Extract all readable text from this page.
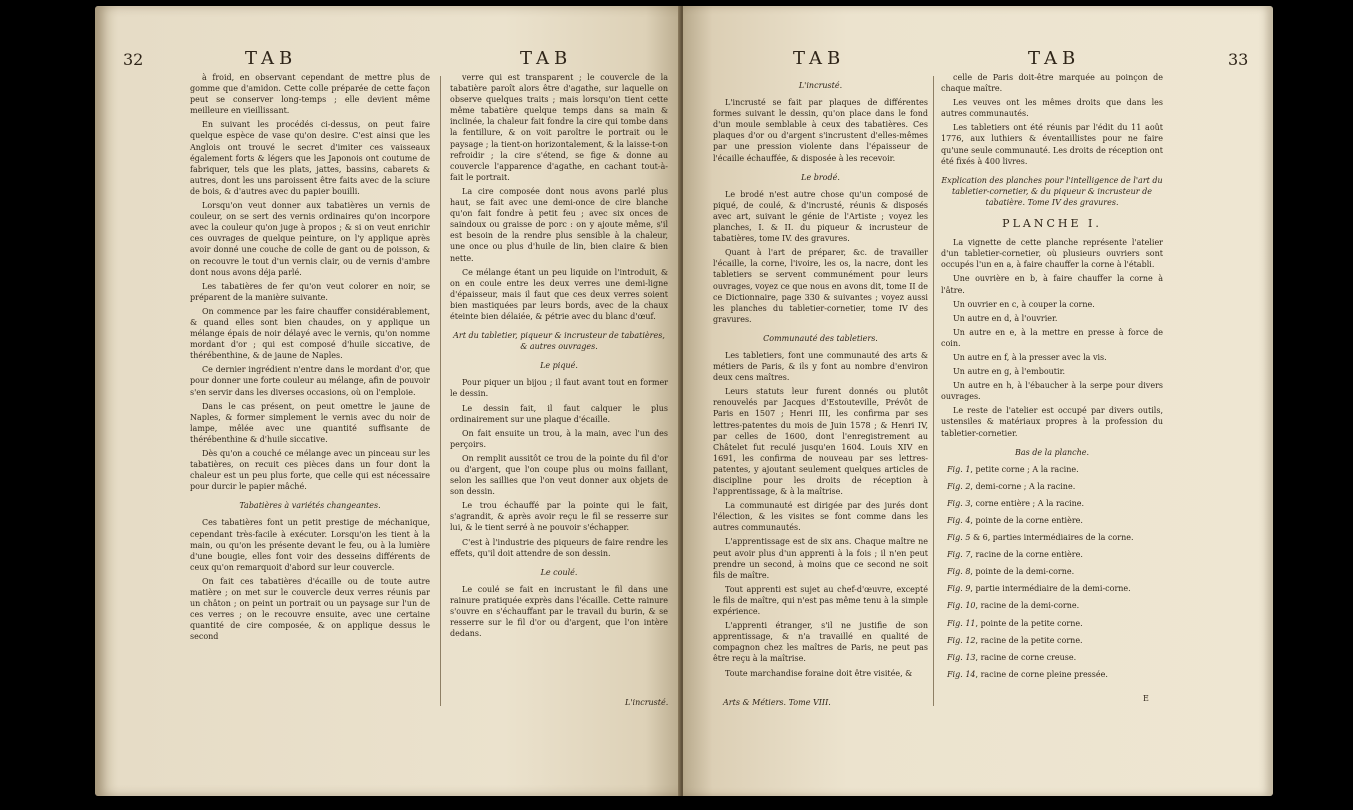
32	TAB	TAB

à froid, en observant cependant de mettre plus de gomme que d'amidon. Cette colle préparée de cette façon peut se conserver long-temps ; elle devient même meilleure en vieillissant.

En suivant les procédés ci-dessus, on peut faire quelque espèce de vase qu'on desire. C'est ainsi que les Anglois ont trouvé le secret d'imiter ces vaisseaux également forts & légers que les Japonois ont coutume de fabriquer, tels que les plats, jattes, bassins, cabarets & autres, dont les uns paroissent être faits avec de la sciure de bois, & d'autres avec du papier bouilli.

Lorsqu'on veut donner aux tabatières un vernis de couleur, on se sert des vernis ordinaires qu'on incorpore avec la couleur qu'on juge à propos ; & si on veut enrichir ces ouvrages de quelque peinture, on l'y applique après avoir donné une couche de colle de gant ou de poisson, & on recouvre le tout d'un vernis clair, ou de vernis d'ambre dont nous avons déja parlé.

Les tabatières de fer qu'on veut colorer en noir, se préparent de la manière suivante.

On commence par les faire chauffer considérablement, & quand elles sont bien chaudes, on y applique un mélange épais de noir délayé avec le vernis, qu'on nomme mordant d'or ; qui est composé d'huile siccative, de thérébenthine, & de jaune de Naples.

Ce dernier ingrédient n'entre dans le mordant d'or, que pour donner une forte couleur au mélange, afin de pouvoir s'en servir dans les diverses occasions, où on l'emploie.

Dans le cas présent, on peut omettre le jaune de Naples, & former simplement le vernis avec du noir de lampe, mêlée avec une quantité suffisante de thérébenthine & d'huile siccative.

Dès qu'on a couché ce mélange avec un pinceau sur les tabatières, on recuit ces pièces dans un four dont la chaleur est un peu plus forte, que celle qui est nécessaire pour durcir le papier mâché.

Tabatières à variétés changeantes.

Ces tabatières font un petit prestige de méchanique, cependant très-facile à exécuter. Lorsqu'on les tient à la main, ou qu'on les présente devant le feu, ou à la lumière d'une bougie, elles font voir des desseins différents de ceux qu'on remarquoit d'abord sur leur couvercle.

On fait ces tabatières d'écaille ou de toute autre matière ; on met sur le couvercle deux verres réunis par un châton ; on peint un portrait ou un paysage sur l'un de ces verres ; on le recouvre ensuite, avec une certaine quantité de cire composée, & on applique dessus le second

verre qui est transparent ; le couvercle de la tabatière paroît alors être d'agathe, sur laquelle on observe quelques traits ; mais lorsqu'on tient cette même tabatière quelque temps dans sa main & inclinée, la chaleur fait fondre la cire qui tombe dans la fentillure, & on voit paroître le portrait ou le paysage ; la tient-on horizontalement, & la laisse-t-on refroidir ; la cire s'étend, se fige & donne au couvercle l'apparence d'agathe, en cachant tout-à-fait le portrait.

La cire composée dont nous avons parlé plus haut, se fait avec une demi-once de cire blanche qu'on fait fondre à petit feu ; avec six onces de saindoux ou graisse de porc : on y ajoute même, s'il est besoin de la rendre plus sensible à la chaleur, une once ou plus d'huile de lin, bien claire & bien nette.

Ce mélange étant un peu liquide on l'introduit, & on en coule entre les deux verres une demi-ligne d'épaisseur, mais il faut que ces deux verres soient bien mastiquées par leurs bords, avec de la chaux éteinte bien délaiée, & pétrie avec du blanc d'œuf.

Art du tabletier, piqueur & incrusteur de tabatières, & autres ouvrages.

Le piqué.

Pour piquer un bijou ; il faut avant tout en former le dessin.

Le dessin fait, il faut calquer le plus ordinairement sur une plaque d'écaille.

On fait ensuite un trou, à la main, avec l'un des perçoirs.

On remplit aussitôt ce trou de la pointe du fil d'or ou d'argent, que l'on coupe plus ou moins faillant, selon les saillies que l'on veut donner aux objets de son dessin.

Le trou échauffé par la pointe qui le fait, s'agrandit, & après avoir reçu le fil se resserre sur lui, & le tient serré à ne pouvoir s'échapper.

C'est à l'industrie des piqueurs de faire rendre les effets, qu'il doit attendre de son dessin.

Le coulé.

Le coulé se fait en incrustant le fil dans une rainure pratiquée exprès dans l'écaille. Cette rainure s'ouvre en s'échauffant par le travail du burin, & se resserre sur le fil d'or ou d'argent, que l'on intère dedans.

L'incrusté.
TAB	TAB	33

L'incrusté.

L'incrusté se fait par plaques de différentes formes suivant le dessin, qu'on place dans le fond d'un moule semblable à ceux des tabatières. Ces plaques d'or ou d'argent s'incrustent d'elles-mêmes par une pression violente dans l'épaisseur de l'écaille échauffée, & disposée à les recevoir.

Le brodé.

Le brodé n'est autre chose qu'un composé de piqué, de coulé, & d'incrusté, réunis & disposés avec art, suivant le génie de l'Artiste ; voyez les planches, I. & II. du piqueur & incrusteur de tabatières, tome IV. des gravures.

Quant à l'art de préparer, &c. de travailler l'écaille, la corne, l'ivoire, les os, la nacre, dont les tabletiers se servent communément pour leurs ouvrages, voyez ce que nous en avons dit, tome II de ce Dictionnaire, page 330 & suivantes ; voyez aussi les planches du tabletier-cornetier, tome IV des gravures.

Communauté des tabletiers.

Les tabletiers, font une communauté des arts & métiers de Paris, & ils y font au nombre d'environ deux cens maîtres.

Leurs statuts leur furent donnés ou plutôt renouvelés par Jacques d'Estouteville, Prévôt de Paris en 1507 ; Henri III, les confirma par ses lettres-patentes du mois de Juin 1578 ; & Henri IV, par celles de 1600, dont l'enregistrement au Châtelet fut reculé jusqu'en 1604. Louis XIV en 1691, les confirma de nouveau par ses lettres-patentes, y ajoutant seulement quelques articles de discipline pour les droits de réception à l'apprentissage, & à la maîtrise.

La communauté est dirigée par des jurés dont l'élection, & les visites se font comme dans les autres communautés.

L'apprentissage est de six ans. Chaque maître ne peut avoir plus d'un apprenti à la fois ; il n'en peut prendre un second, à moins que ce second ne soit fils de maître.

Tout apprenti est sujet au chef-d'œuvre, excepté le fils de maître, qui n'est pas même tenu à la simple expérience.

L'apprenti étranger, s'il ne justifie de son apprentissage, & n'a travaillé en qualité de compagnon chez les maîtres de Paris, ne peut pas être reçu à la maîtrise.

Toute marchandise foraine doit être visitée, &

celle de Paris doit-être marquée au poinçon de chaque maître.

Les veuves ont les mêmes droits que dans les autres communautés.

Les tabletiers ont été réunis par l'édit du 11 août 1776, aux luthiers & éventaillistes pour ne faire qu'une seule communauté. Les droits de réception ont été fixés à 400 livres.

Explication des planches pour l'intelligence de l'art du tabletier-cornetier, & du piqueur & incrusteur de tabatière. Tome IV des gravures.

PLANCHE I.

La vignette de cette planche représente l'atelier d'un tabletier-cornetier, où plusieurs ouvriers sont occupés l'un en a, à faire chauffer la corne à l'établi.

Une ouvrière en b, à faire chauffer la corne à l'âtre.

Un ouvrier en c, à couper la corne.

Un autre en d, à l'ouvrier.

Un autre en e, à la mettre en presse à force de coin.

Un autre en f, à la presser avec la vis.

Un autre en g, à l'emboutir.

Un autre en h, à l'ébaucher à la serpe pour divers ouvrages.

Le reste de l'atelier est occupé par divers outils, ustensiles & matériaux propres à la profession du tabletier-cornetier.

Bas de la planche.

Fig. 1, petite corne ; A la racine.

Fig. 2, demi-corne ; A la racine.

Fig. 3, corne entière ; A la racine.

Fig. 4, pointe de la corne entière.

Fig. 5 & 6, parties intermédiaires de la corne.

Fig. 7, racine de la corne entière.

Fig. 8, pointe de la demi-corne.

Fig. 9, partie intermédiaire de la demi-corne.

Fig. 10, racine de la demi-corne.

Fig. 11, pointe de la petite corne.

Fig. 12, racine de la petite corne.

Fig. 13, racine de corne creuse.

Fig. 14, racine de corne pleine pressée.

Arts & Métiers. Tome VIII.	E
